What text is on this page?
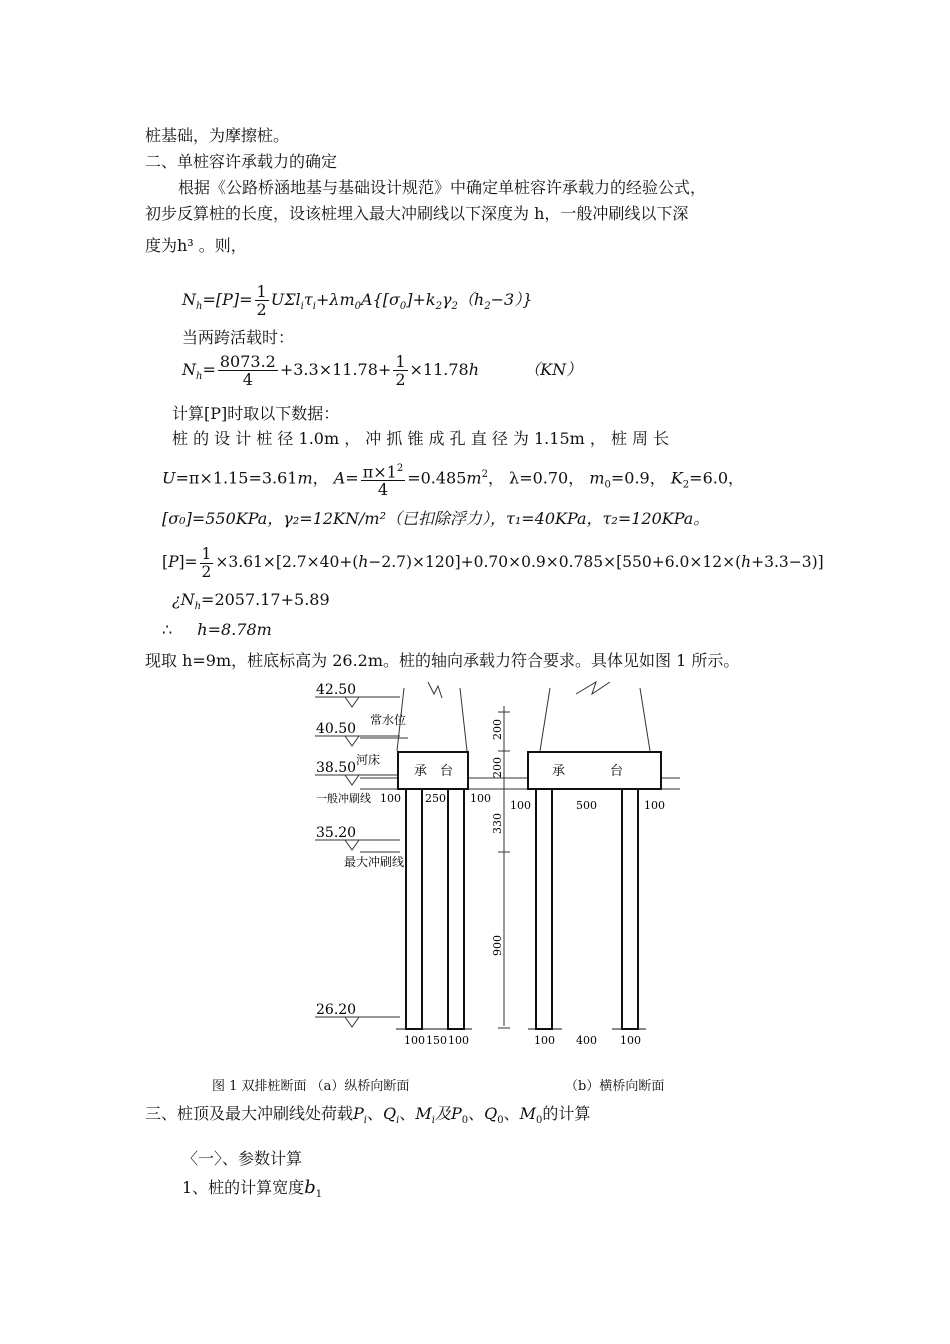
桩基础，为摩擦桩。
二、单桩容许承载力的确定
根据《公路桥涵地基与基础设计规范》中确定单桩容许承载力的经验公式，
初步反算桩的长度，设该桩埋入最大冲刷线以下深度为 h，一般冲刷线以下深
度为h³ 。则，
$N_h=[P]= \frac{1}{2} U\Sigma l_i\tau_i+\lambda m_0A\{[\sigma_0]+k_2\gamma_2(h_2-3)\}$
当两跨活载时：
$N_h= \frac{8073.2}{4} +3.3\times 11.78+ \frac{1}{2} \times 11.78h$	（KN）
计算[P]时取以下数据：
桩 的 设 计 桩 径 1.0m ， 冲 抓 锥 成 孔 直 径 为 1.15m ， 桩 周 长
U=π×1.15=3.61m， $A= \frac{\pi\times 1^2}{4} =0.485m^2$， λ=0.70， $m_0=0.9$， $K_2=6.0$，
[σ₀]=550KPa，γ₂=12KN/m²（已扣除浮力），τ₁=40KPa，τ₂=120KPa。
$[P]= \frac{1}{2} \times 3.61\times[2.7\times 40+(h-2.7)\times 120]+0.70\times 0.9\times 0.785\times[550+6.0\times 12\times(h+3.3-3)]$
¿$N_h=2057.17+5.89$
∴ h=8.78m
现取 h=9m，桩底标高为 26.2m。桩的轴向承载力符合要求。具体见如图 1 所示。
42.50
40.50
38.50
35.20
26.20
常水位
河床
一般冲刷线
最大冲刷线
承 台	承	台
100 250 100
100 150 100
100	500	100
100 400 100
200
200
330
900
图 1 双排桩断面 （a）纵桥向断面	（b）横桥向断面
三、桩顶及最大冲刷线处荷载$P_i$、$Q_i$、$M_i$及$P_0$、$Q_0$、$M_0$的计算
〈一〉、参数计算
1、桩的计算宽度$b_1$
